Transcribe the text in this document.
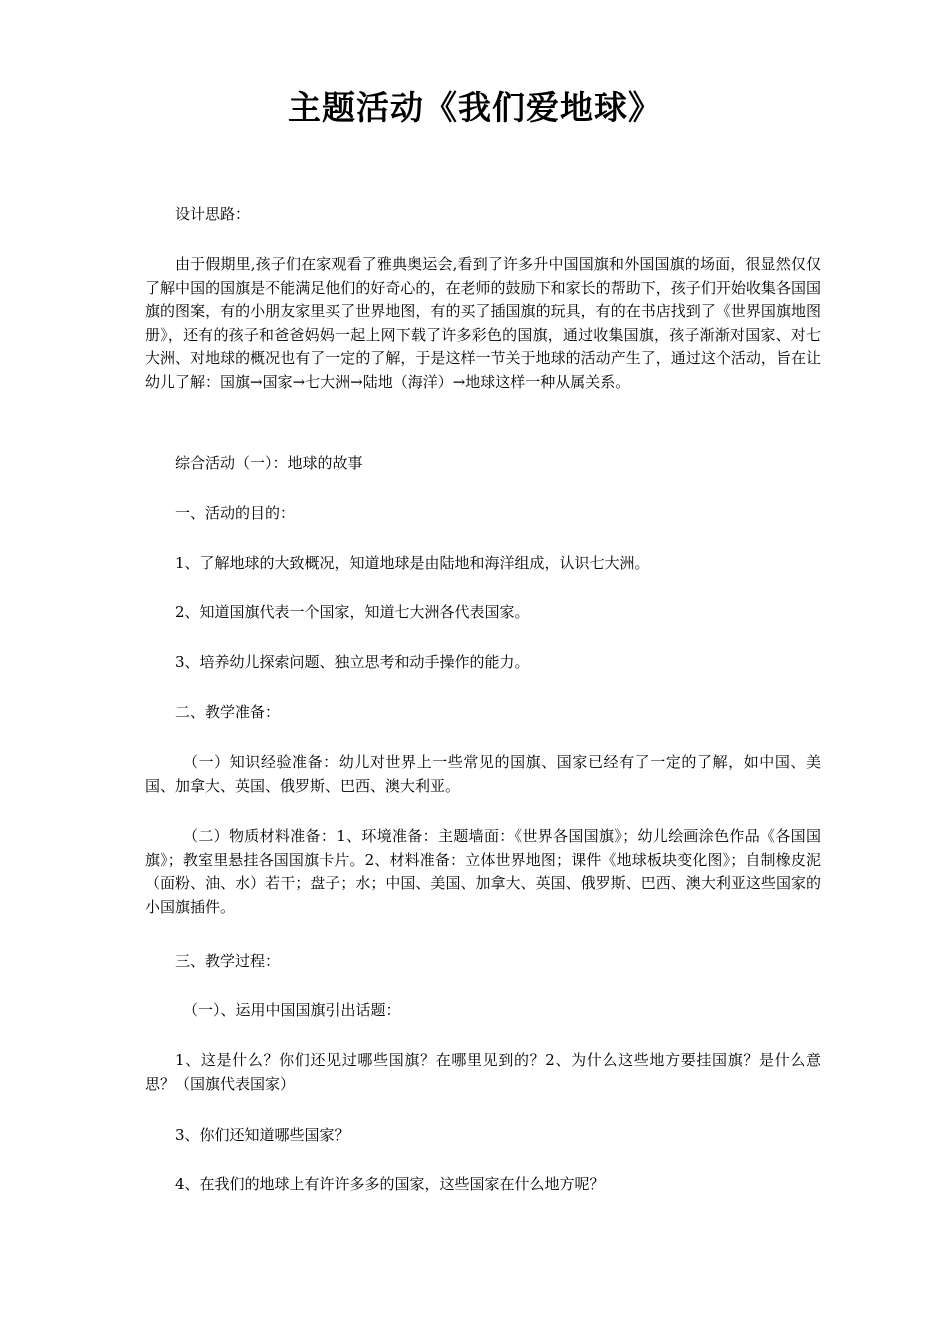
主题活动《我们爱地球》

设计思路：

由于假期里,孩子们在家观看了雅典奥运会,看到了许多升中国国旗和外国国旗的场面，很显然仅仅了解中国的国旗是不能满足他们的好奇心的，在老师的鼓励下和家长的帮助下，孩子们开始收集各国国旗的图案，有的小朋友家里买了世界地图，有的买了插国旗的玩具，有的在书店找到了《世界国旗地图册》，还有的孩子和爸爸妈妈一起上网下载了许多彩色的国旗，通过收集国旗，孩子渐渐对国家、对七大洲、对地球的概况也有了一定的了解，于是这样一节关于地球的活动产生了，通过这个活动，旨在让幼儿了解：国旗→国家→七大洲→陆地（海洋）→地球这样一种从属关系。

综合活动（一）：地球的故事

一、活动的目的：

1、了解地球的大致概况，知道地球是由陆地和海洋组成，认识七大洲。

2、知道国旗代表一个国家，知道七大洲各代表国家。

3、培养幼儿探索问题、独立思考和动手操作的能力。

二、教学准备：

（一）知识经验准备：幼儿对世界上一些常见的国旗、国家已经有了一定的了解，如中国、美国、加拿大、英国、俄罗斯、巴西、澳大利亚。

（二）物质材料准备：1、环境准备：主题墙面：《世界各国国旗》；幼儿绘画涂色作品《各国国旗》；教室里悬挂各国国旗卡片。2、材料准备：立体世界地图；课件《地球板块变化图》；自制橡皮泥（面粉、油、水）若干；盘子；水；中国、美国、加拿大、英国、俄罗斯、巴西、澳大利亚这些国家的小国旗插件。

三、教学过程：

（一）、运用中国国旗引出话题：

1、这是什么？你们还见过哪些国旗？在哪里见到的？2、为什么这些地方要挂国旗？是什么意思？（国旗代表国家）

3、你们还知道哪些国家？

4、在我们的地球上有许许多多的国家，这些国家在什么地方呢？
